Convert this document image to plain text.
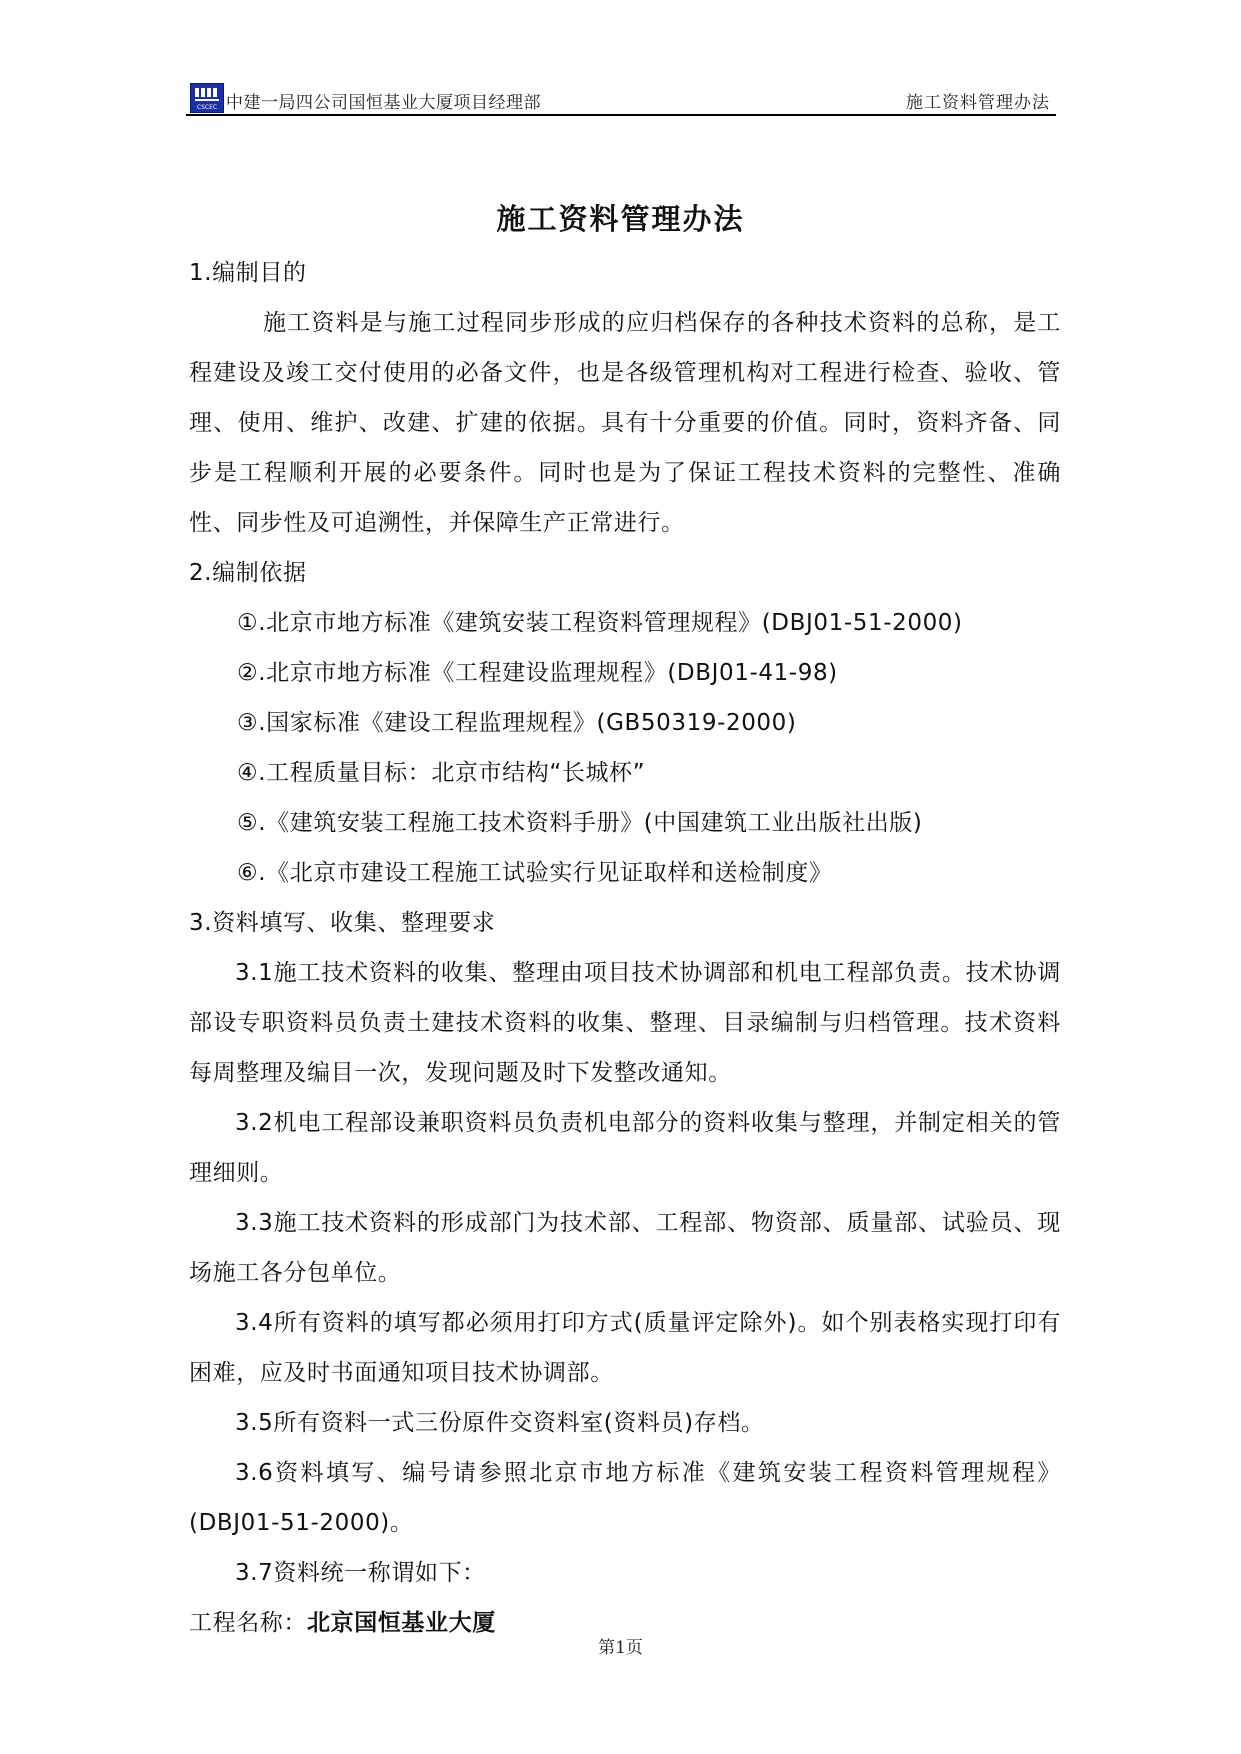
CSCEC 中建一局四公司国恒基业大厦项目经理部	施工资料管理办法
施工资料管理办法

1.编制目的

施工资料是与施工过程同步形成的应归档保存的各种技术资料的总称，是工程建设及竣工交付使用的必备文件，也是各级管理机构对工程进行检查、验收、管理、使用、维护、改建、扩建的依据。具有十分重要的价值。同时，资料齐备、同步是工程顺利开展的必要条件。同时也是为了保证工程技术资料的完整性、准确性、同步性及可追溯性，并保障生产正常进行。

2.编制依据

①.北京市地方标准《建筑安装工程资料管理规程》(DBJ01-51-2000)

②.北京市地方标准《工程建设监理规程》(DBJ01-41-98)

③.国家标准《建设工程监理规程》(GB50319-2000)

④.工程质量目标：北京市结构“长城杯”

⑤.《建筑安装工程施工技术资料手册》(中国建筑工业出版社出版)

⑥.《北京市建设工程施工试验实行见证取样和送检制度》

3.资料填写、收集、整理要求

3.1施工技术资料的收集、整理由项目技术协调部和机电工程部负责。技术协调部设专职资料员负责土建技术资料的收集、整理、目录编制与归档管理。技术资料每周整理及编目一次，发现问题及时下发整改通知。

3.2机电工程部设兼职资料员负责机电部分的资料收集与整理，并制定相关的管理细则。

3.3施工技术资料的形成部门为技术部、工程部、物资部、质量部、试验员、现场施工各分包单位。

3.4所有资料的填写都必须用打印方式(质量评定除外)。如个别表格实现打印有困难，应及时书面通知项目技术协调部。

3.5所有资料一式三份原件交资料室(资料员)存档。

3.6资料填写、编号请参照北京市地方标准《建筑安装工程资料管理规程》(DBJ01-51-2000)。

3.7资料统一称谓如下：

工程名称：北京国恒基业大厦

第1页
